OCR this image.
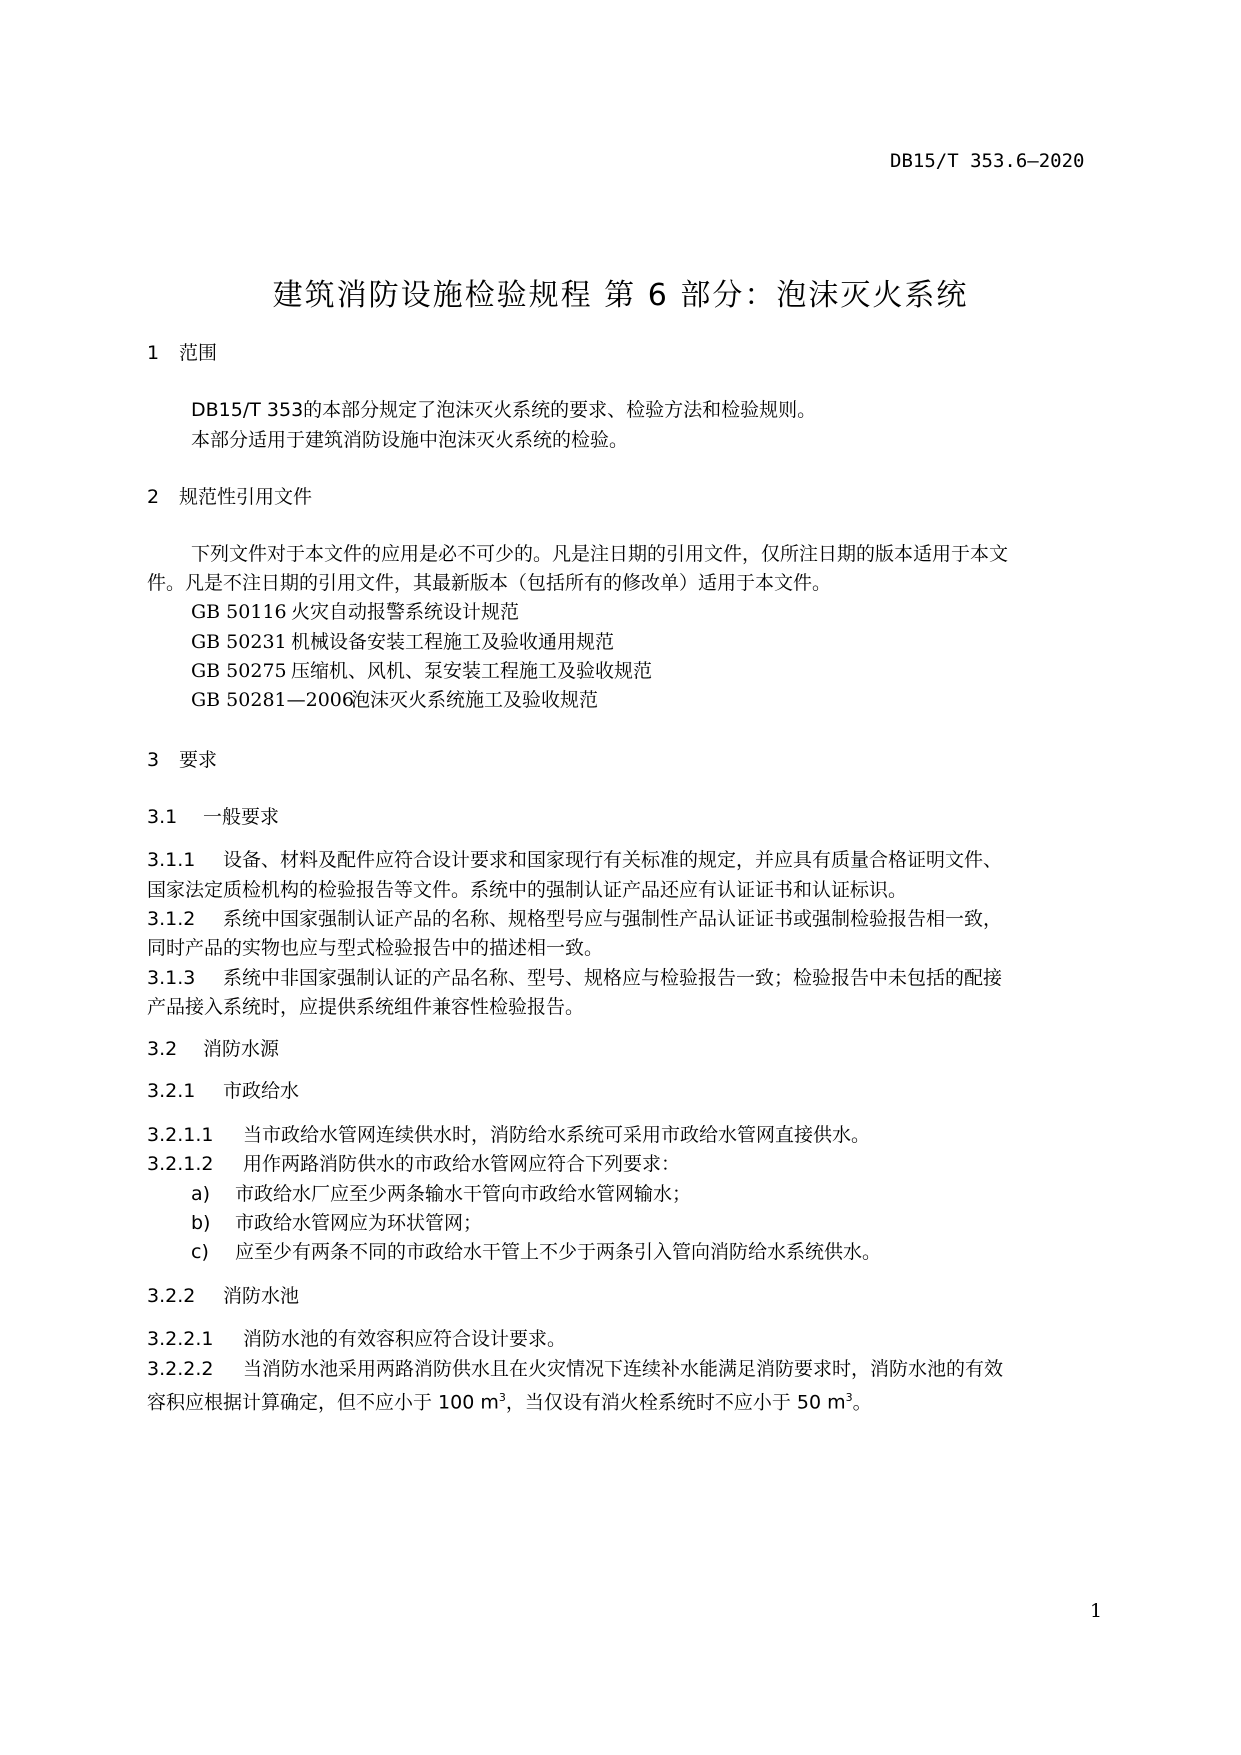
DB15/T 353.6—2020
建筑消防设施检验规程 第 6 部分：泡沫灭火系统
1 范围
DB15/T 353的本部分规定了泡沫灭火系统的要求、检验方法和检验规则。
本部分适用于建筑消防设施中泡沫灭火系统的检验。
2 规范性引用文件
下列文件对于本文件的应用是必不可少的。凡是注日期的引用文件，仅所注日期的版本适用于本文
件。凡是不注日期的引用文件，其最新版本（包括所有的修改单）适用于本文件。
GB 50116 火灾自动报警系统设计规范
GB 50231 机械设备安装工程施工及验收通用规范
GB 50275 压缩机、风机、泵安装工程施工及验收规范
GB 50281—2006泡沫灭火系统施工及验收规范
3 要求
3.1 一般要求
3.1.1 设备、材料及配件应符合设计要求和国家现行有关标准的规定，并应具有质量合格证明文件、
国家法定质检机构的检验报告等文件。系统中的强制认证产品还应有认证证书和认证标识。
3.1.2 系统中国家强制认证产品的名称、规格型号应与强制性产品认证证书或强制检验报告相一致，
同时产品的实物也应与型式检验报告中的描述相一致。
3.1.3 系统中非国家强制认证的产品名称、型号、规格应与检验报告一致；检验报告中未包括的配接
产品接入系统时，应提供系统组件兼容性检验报告。
3.2 消防水源
3.2.1 市政给水
3.2.1.1 当市政给水管网连续供水时，消防给水系统可采用市政给水管网直接供水。
3.2.1.2 用作两路消防供水的市政给水管网应符合下列要求：
a) 市政给水厂应至少两条输水干管向市政给水管网输水；
b) 市政给水管网应为环状管网；
c) 应至少有两条不同的市政给水干管上不少于两条引入管向消防给水系统供水。
3.2.2 消防水池
3.2.2.1 消防水池的有效容积应符合设计要求。
3.2.2.2 当消防水池采用两路消防供水且在火灾情况下连续补水能满足消防要求时，消防水池的有效
容积应根据计算确定，但不应小于 100 $m^3$，当仅设有消火栓系统时不应小于 50 $m^3$。
1
